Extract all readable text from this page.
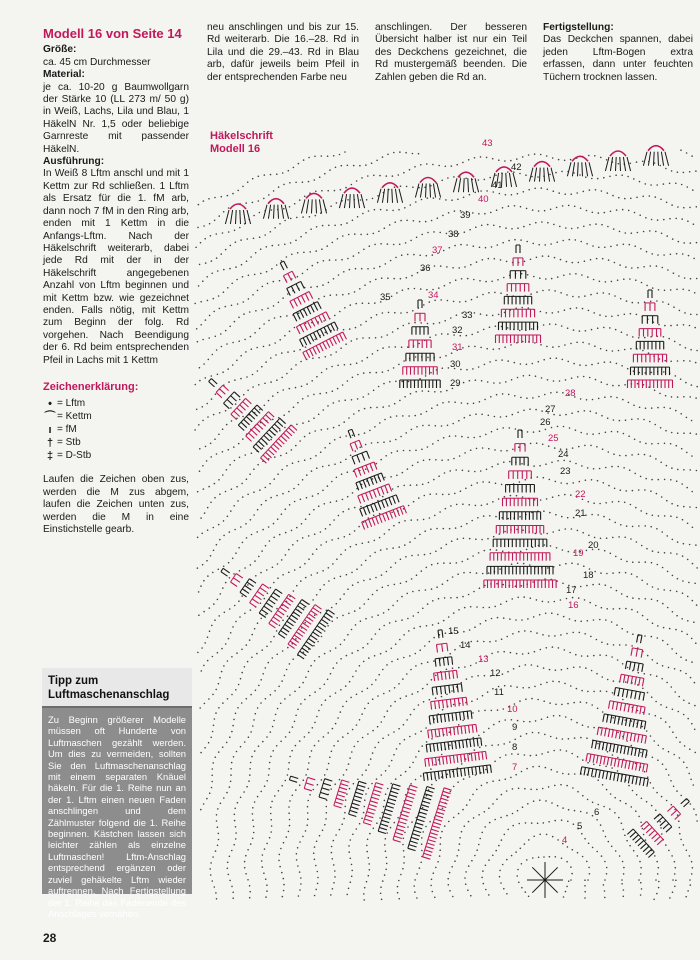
Modell 16 von Seite 14
Größe:
ca. 45 cm Durchmesser
Material:
je ca. 10-20 g Baumwollgarn der Stärke 10 (LL 273 m/ 50 g) in Weiß, Lachs, Lila und Blau, 1 HäkelN Nr. 1,5 oder beliebige Garnreste mit passender HäkelN.
Ausführung:
In Weiß 8 Lftm anschl und mit 1 Kettm zur Rd schließen. 1 Lftm als Ersatz für die 1. fM arb, dann noch 7 fM in den Ring arb, enden mit 1 Kettm in die Anfangs-Lftm. Nach der Häkelschrift weiterarb, dabei jede Rd mit der in der Häkelschrift angegebenen Anzahl von Lftm beginnen und mit Kettm bzw. wie gezeichnet enden. Falls nötig, mit Kettm zum Beginn der folg. Rd vorgehen. Nach Beendigung der 6. Rd beim entsprechenden Pfeil in Lachs mit 1 Kettm
Zeichenerklärung:
• = Lftm
⌒ = Kettm
ı = fM
† = Stb
‡ = D-Stb
Laufen die Zeichen oben zus, werden die M zus abgem, laufen die Zeichen unten zus, werden die M in eine Einstichstelle gearb.
neu anschlingen und bis zur 15. Rd weiterarb. Die 16.–28. Rd in Lila und die 29.–43. Rd in Blau arb, dafür jeweils beim Pfeil in der entsprechenden Farbe neu
anschlingen. Der besseren Übersicht halber ist nur ein Teil des Deckchens gezeichnet, die Rd mustergemäß beenden. Die Zahlen geben die Rd an.
Fertigstellung:
Das Deckchen spannen, dabei jeden Lftm-Bogen extra erfassen, dann unter feuchten Tüchern trocknen lassen.
43
42
41
40
39
38
37
36
35	34
33
32
31
30
29
28
27
26
25
24
23
22
21
20
19
18
17
16
15
14
13
12
11
10
9
8
7
6
5
4
Häkelschrift
Modell 16
Tipp zum Luftmaschenanschlag
Zu Beginn größerer Modelle müssen oft Hunderte von Luftmaschen gezählt werden. Um dies zu vermeiden, sollten Sie den Luftmaschenanschlag mit einem separaten Knäuel häkeln. Für die 1. Reihe nun an der 1. Lftm einen neuen Faden anschlingen und dem Zählmuster folgend die 1. Reihe beginnen. Kästchen lassen sich leichter zählen als einzelne Luftmaschen! Lftm-Anschlag entsprechend ergänzen oder zuviel gehäkelte Lftm wieder auftrennen. Nach Fertigstellung der 1. Reihe das Fadenende des Anschlages vernähen.
28
